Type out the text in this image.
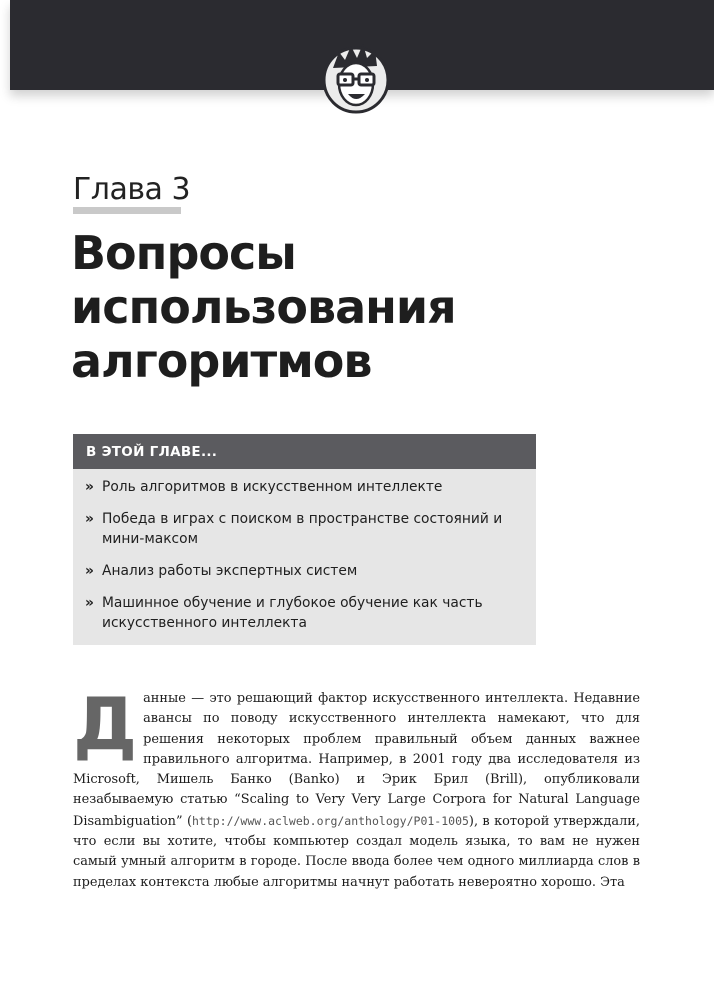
Глава 3
Вопросы использования алгоритмов
В ЭТОЙ ГЛАВЕ...
» Роль алгоритмов в искусственном интеллекте
» Победа в играх с поиском в пространстве состояний и мини-максом
» Анализ работы экспертных систем
» Машинное обучение и глубокое обучение как часть искусственного интеллекта

Данные — это решающий фактор искусственного интеллекта. Недавние авансы по поводу искусственного интеллекта намекают, что для решения некоторых проблем правильный объем данных важнее правильного алгоритма. Например, в 2001 году два исследователя из Microsoft, Мишель Банко (Banko) и Эрик Брил (Brill), опубликовали незабываемую статью “Scaling to Very Very Large Corpora for Natural Language Disambiguation” (http://www.aclweb.org/anthology/P01-1005), в которой утверждали, что если вы хотите, чтобы компьютер создал модель языка, то вам не нужен самый умный алгоритм в городе. После ввода более чем одного миллиарда слов в пределах контекста любые алгоритмы начнут работать невероятно хорошо. Эта
